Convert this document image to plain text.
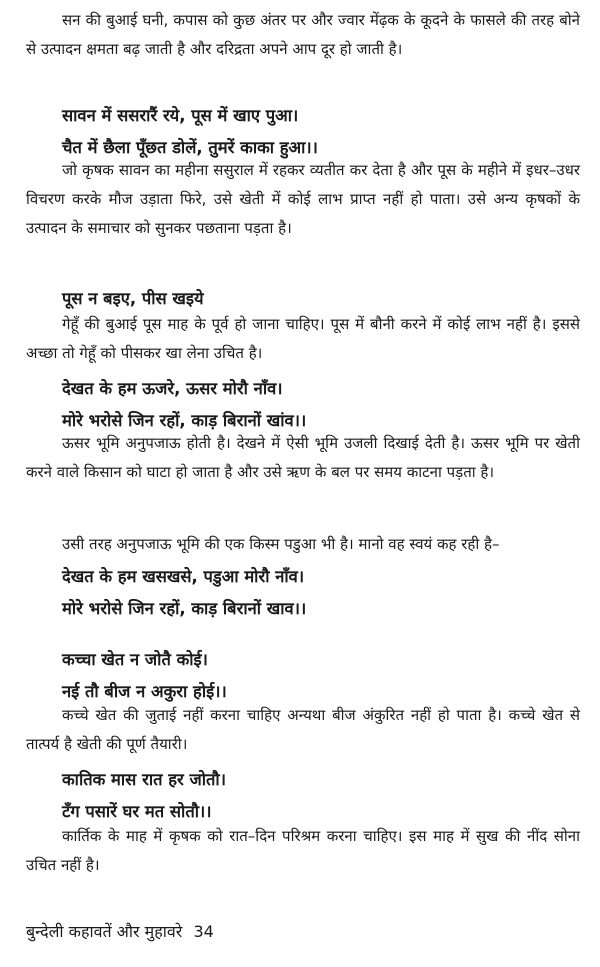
सन की बुआई घनी, कपास को कुछ अंतर पर और ज्वार मेंढ़क के कूदने के फासले की तरह बोने से उत्पादन क्षमता बढ़ जाती है और दरिद्रता अपने आप दूर हो जाती है।

सावन में ससरारैं रये, पूस में खाए पुआ।
चैत में छैला पूँछत डोलें, तुमरें काका हुआ।।

जो कृषक सावन का महीना ससुराल में रहकर व्यतीत कर देता है और पूस के महीने में इधर–उधर विचरण करके मौज उड़ाता फिरे, उसे खेती में कोई लाभ प्राप्त नहीं हो पाता। उसे अन्य कृषकों के उत्पादन के समाचार को सुनकर पछताना पड़ता है।

पूस न बइए, पीस खइये

गेहूँ की बुआई पूस माह के पूर्व हो जाना चाहिए। पूस में बौनी करने में कोई लाभ नहीं है। इससे अच्छा तो गेहूँ को पीसकर खा लेना उचित है।

देखत के हम ऊजरे, ऊसर मोरौ नाँव।
मोरे भरोसे जिन रहों, काड़ बिरानों खांव।।

ऊसर भूमि अनुपजाऊ होती है। देखने में ऐसी भूमि उजली दिखाई देती है। ऊसर भूमि पर खेती करने वाले किसान को घाटा हो जाता है और उसे ऋण के बल पर समय काटना पड़ता है।

उसी तरह अनुपजाऊ भूमि की एक किस्म पडुआ भी है। मानो वह स्वयं कह रही है–

देखत के हम खसखसे, पडुआ मोरौ नाँव।
मोरे भरोसे जिन रहों, काड़ बिरानों खाव।।
कच्चा खेत न जोतै कोई।
नई तौ बीज न अकुरा होई।।

कच्चे खेत की जुताई नहीं करना चाहिए अन्यथा बीज अंकुरित नहीं हो पाता है। कच्चे खेत से तात्पर्य है खेती की पूर्ण तैयारी।

कातिक मास रात हर जोतौ।
टँग पसारें घर मत सोतौ।।

कार्तिक के माह में कृषक को रात–दिन परिश्रम करना चाहिए। इस माह में सुख की नींद सोना उचित नहीं है।

बुन्देली कहावतें और मुहावरे 34
